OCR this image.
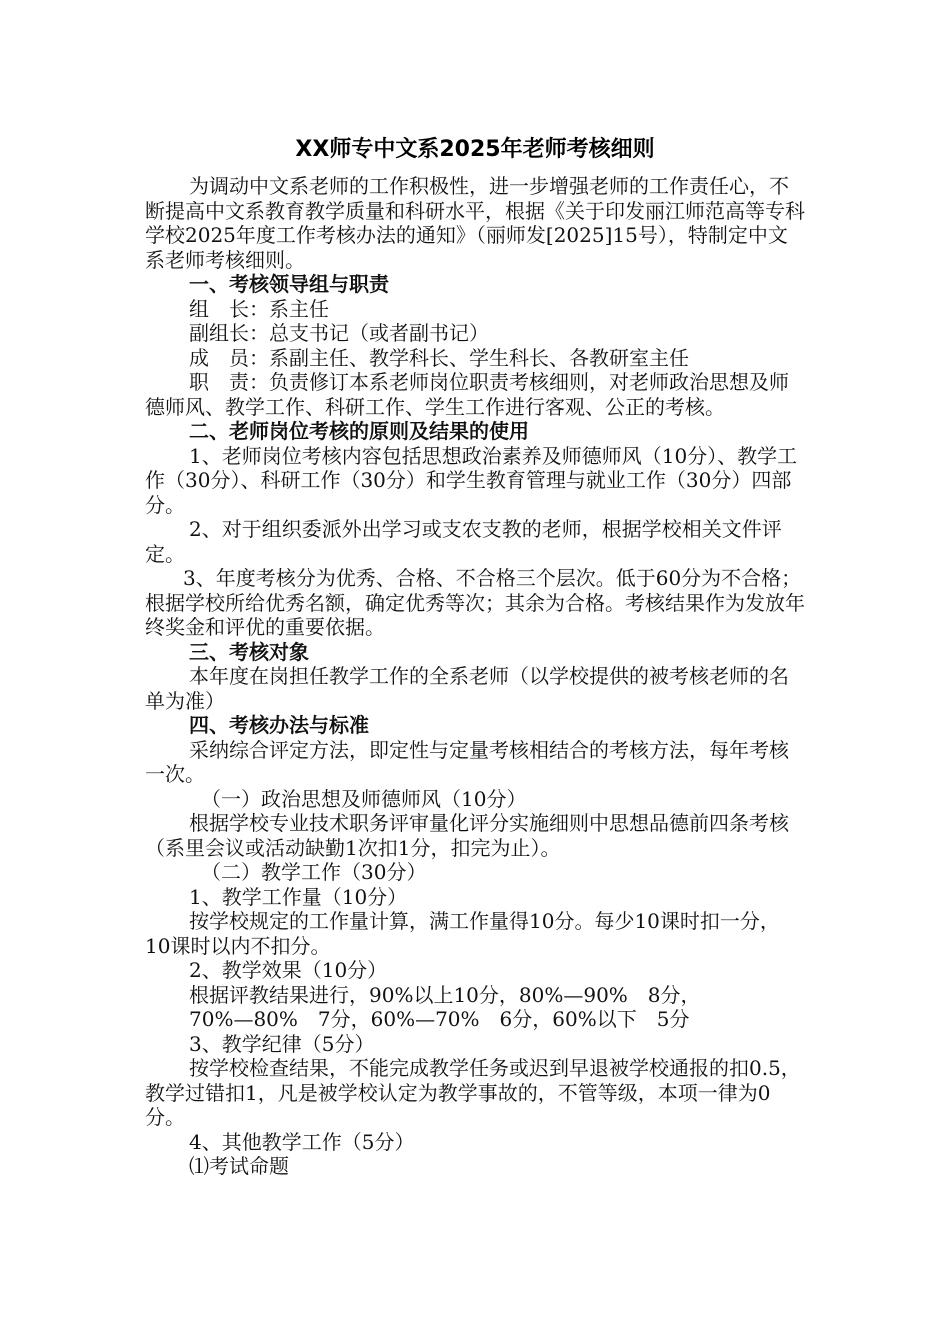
XX师专中文系2025年老师考核细则

为调动中文系老师的工作积极性，进一步增强老师的工作责任心，不断提高中文系教育教学质量和科研水平，根据《关于印发丽江师范高等专科学校2025年度工作考核办法的通知》（丽师发[2025]15号），特制定中文系老师考核细则。

一、考核领导组与职责

组　长：系主任

副组长：总支书记（或者副书记）

成　员：系副主任、教学科长、学生科长、各教研室主任

职　责：负责修订本系老师岗位职责考核细则，对老师政治思想及师德师风、教学工作、科研工作、学生工作进行客观、公正的考核。

二、老师岗位考核的原则及结果的使用

1、老师岗位考核内容包括思想政治素养及师德师风（10分）、教学工作（30分）、科研工作（30分）和学生教育管理与就业工作（30分）四部分。

2、对于组织委派外出学习或支农支教的老师，根据学校相关文件评定。

3、年度考核分为优秀、合格、不合格三个层次。低于60分为不合格；根据学校所给优秀名额，确定优秀等次；其余为合格。考核结果作为发放年终奖金和评优的重要依据。

三、考核对象

本年度在岗担任教学工作的全系老师（以学校提供的被考核老师的名单为准）

四、考核办法与标准

采纳综合评定方法，即定性与定量考核相结合的考核方法，每年考核一次。

（一）政治思想及师德师风（10分）

根据学校专业技术职务评审量化评分实施细则中思想品德前四条考核（系里会议或活动缺勤1次扣1分，扣完为止）。

（二）教学工作（30分）

1、教学工作量（10分）

按学校规定的工作量计算，满工作量得10分。每少10课时扣一分，10课时以内不扣分。

2、教学效果（10分）

根据评教结果进行，90%以上10分，80%—90%　8分，

70%—80%　7分，60%—70%　6分，60%以下　5分

3、教学纪律（5分）

按学校检查结果，不能完成教学任务或迟到早退被学校通报的扣0.5，教学过错扣1，凡是被学校认定为教学事故的，不管等级，本项一律为0分。

4、其他教学工作（5分）

⑴考试命题
